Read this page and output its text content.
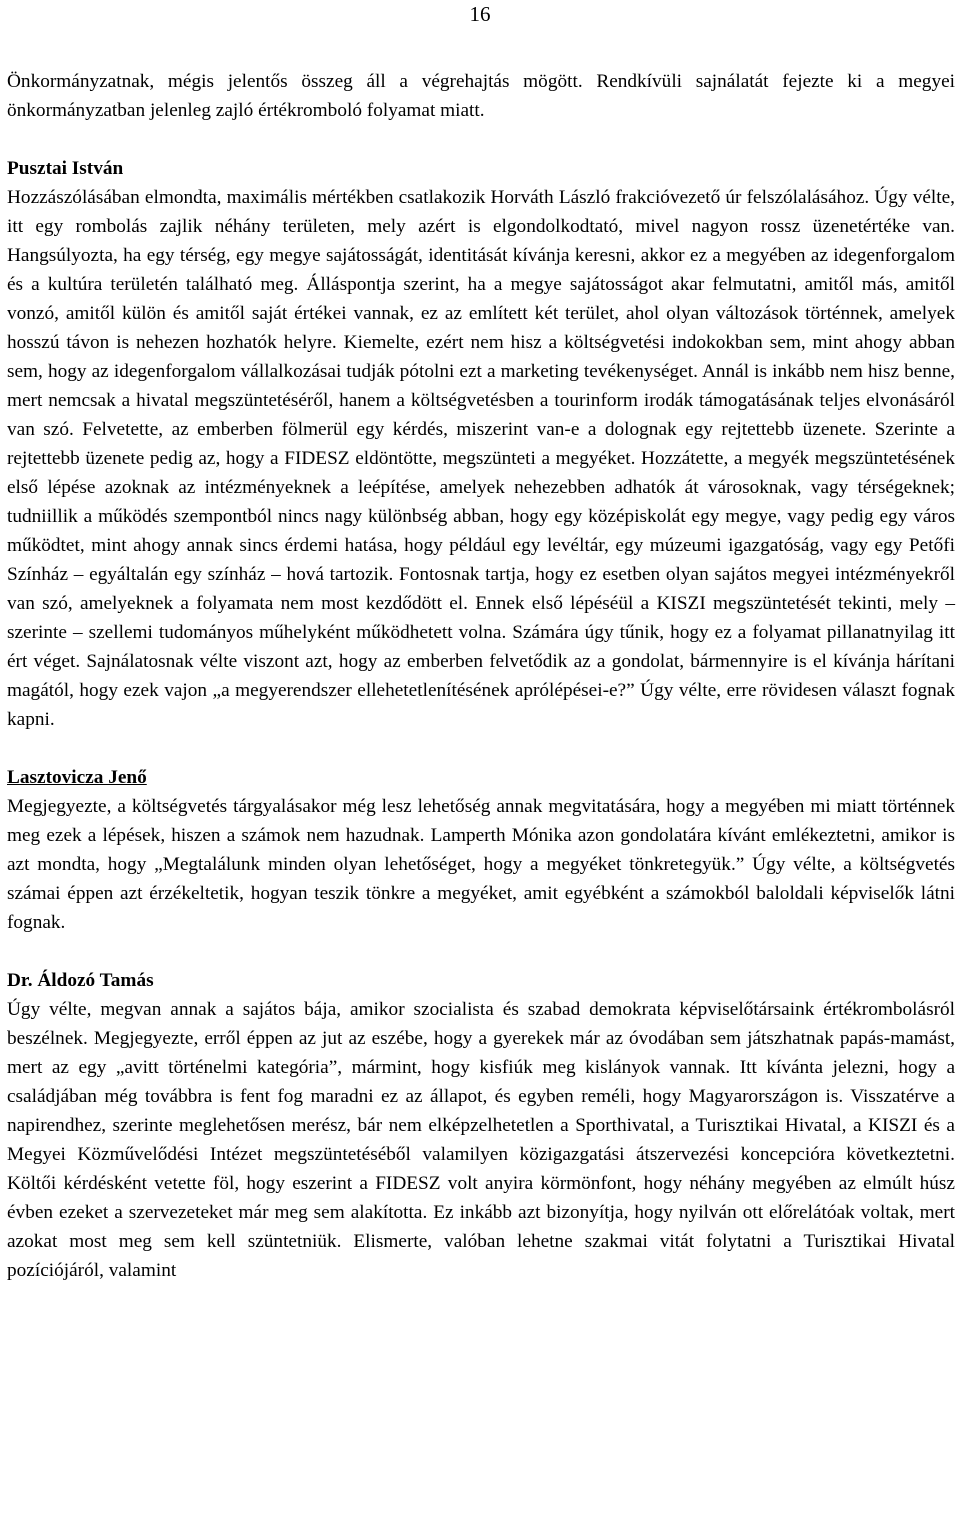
16

Önkormányzatnak, mégis jelentős összeg áll a végrehajtás mögött. Rendkívüli sajnálatát fejezte ki a megyei önkormányzatban jelenleg zajló értékromboló folyamat miatt.

Pusztai István

Hozzászólásában elmondta, maximális mértékben csatlakozik Horváth László frakcióvezető úr felszólalásához. Úgy vélte, itt egy rombolás zajlik néhány területen, mely azért is elgondolkodtató, mivel nagyon rossz üzenetértéke van. Hangsúlyozta, ha egy térség, egy megye sajátosságát, identitását kívánja keresni, akkor ez a megyében az idegenforgalom és a kultúra területén található meg. Álláspontja szerint, ha a megye sajátosságot akar felmutatni, amitől más, amitől vonzó, amitől külön és amitől saját értékei vannak, ez az említett két terület, ahol olyan változások történnek, amelyek hosszú távon is nehezen hozhatók helyre. Kiemelte, ezért nem hisz a költségvetési indokokban sem, mint ahogy abban sem, hogy az idegenforgalom vállalkozásai tudják pótolni ezt a marketing tevékenységet. Annál is inkább nem hisz benne, mert nemcsak a hivatal megszüntetéséről, hanem a költségvetésben a tourinform irodák támogatásának teljes elvonásáról van szó. Felvetette, az emberben fölmerül egy kérdés, miszerint van-e a dolognak egy rejtettebb üzenete. Szerinte a rejtettebb üzenete pedig az, hogy a FIDESZ eldöntötte, megszünteti a megyéket. Hozzátette, a megyék megszüntetésének első lépése azoknak az intézményeknek a leépítése, amelyek nehezebben adhatók át városoknak, vagy térségeknek; tudniillik a működés szempontból nincs nagy különbség abban, hogy egy középiskolát egy megye, vagy pedig egy város működtet, mint ahogy annak sincs érdemi hatása, hogy például egy levéltár, egy múzeumi igazgatóság, vagy egy Petőfi Színház – egyáltalán egy színház – hová tartozik. Fontosnak tartja, hogy ez esetben olyan sajátos megyei intézményekről van szó, amelyeknek a folyamata nem most kezdődött el. Ennek első lépéséül a KISZI megszüntetését tekinti, mely – szerinte – szellemi tudományos műhelyként működhetett volna. Számára úgy tűnik, hogy ez a folyamat pillanatnyilag itt ért véget. Sajnálatosnak vélte viszont azt, hogy az emberben felvetődik az a gondolat, bármennyire is el kívánja hárítani magától, hogy ezek vajon „a megyerendszer ellehetetlenítésének aprólépései-e?” Úgy vélte, erre rövidesen választ fognak kapni.

Lasztovicza Jenő

Megjegyezte, a költségvetés tárgyalásakor még lesz lehetőség annak megvitatására, hogy a megyében mi miatt történnek meg ezek a lépések, hiszen a számok nem hazudnak. Lamperth Mónika azon gondolatára kívánt emlékeztetni, amikor is azt mondta, hogy „Megtalálunk minden olyan lehetőséget, hogy a megyéket tönkretegyük.” Úgy vélte, a költségvetés számai éppen azt érzékeltetik, hogyan teszik tönkre a megyéket, amit egyébként a számokból baloldali képviselők látni fognak.

Dr. Áldozó Tamás

Úgy vélte, megvan annak a sajátos bája, amikor szocialista és szabad demokrata képviselőtársaink értékrombolásról beszélnek. Megjegyezte, erről éppen az jut az eszébe, hogy a gyerekek már az óvodában sem játszhatnak papás-mamást, mert az egy „avitt történelmi kategória”, mármint, hogy kisfiúk meg kislányok vannak. Itt kívánta jelezni, hogy a családjában még továbbra is fent fog maradni ez az állapot, és egyben reméli, hogy Magyarországon is. Visszatérve a napirendhez, szerinte meglehetősen merész, bár nem elképzelhetetlen a Sporthivatal, a Turisztikai Hivatal, a KISZI és a Megyei Közművelődési Intézet megszüntetéséből valamilyen közigazgatási átszervezési koncepcióra következtetni. Költői kérdésként vetette föl, hogy eszerint a FIDESZ volt anyira körmönfont, hogy néhány megyében az elmúlt húsz évben ezeket a szervezeteket már meg sem alakította. Ez inkább azt bizonyítja, hogy nyilván ott előrelátóak voltak, mert azokat most meg sem kell szüntetniük. Elismerte, valóban lehetne szakmai vitát folytatni a Turisztikai Hivatal pozíciójáról, valamint
